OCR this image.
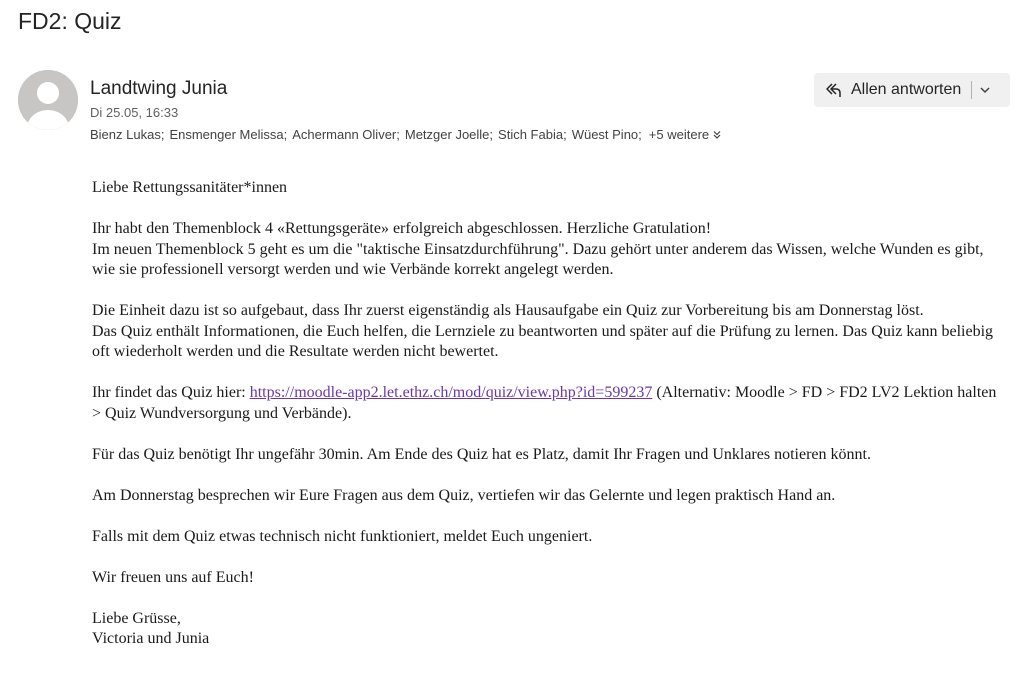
FD2: Quiz
Landtwing Junia
Di 25.05, 16:33
Bienz Lukas; Ensmenger Melissa; Achermann Oliver; Metzger Joelle; Stich Fabia; Wüest Pino; +5 weitere
Allen antworten

Liebe Rettungssanitäter*innen

Ihr habt den Themenblock 4 «Rettungsgeräte» erfolgreich abgeschlossen. Herzliche Gratulation!
Im neuen Themenblock 5 geht es um die "taktische Einsatzdurchführung". Dazu gehört unter anderem das Wissen, welche Wunden es gibt, wie sie professionell versorgt werden und wie Verbände korrekt angelegt werden.

Die Einheit dazu ist so aufgebaut, dass Ihr zuerst eigenständig als Hausaufgabe ein Quiz zur Vorbereitung bis am Donnerstag löst.
Das Quiz enthält Informationen, die Euch helfen, die Lernziele zu beantworten und später auf die Prüfung zu lernen. Das Quiz kann beliebig oft wiederholt werden und die Resultate werden nicht bewertet.

Ihr findet das Quiz hier: https://moodle-app2.let.ethz.ch/mod/quiz/view.php?id=599237 (Alternativ: Moodle > FD > FD2 LV2 Lektion halten > Quiz Wundversorgung und Verbände).

Für das Quiz benötigt Ihr ungefähr 30min. Am Ende des Quiz hat es Platz, damit Ihr Fragen und Unklares notieren könnt.

Am Donnerstag besprechen wir Eure Fragen aus dem Quiz, vertiefen wir das Gelernte und legen praktisch Hand an.

Falls mit dem Quiz etwas technisch nicht funktioniert, meldet Euch ungeniert.

Wir freuen uns auf Euch!

Liebe Grüsse,
Victoria und Junia
